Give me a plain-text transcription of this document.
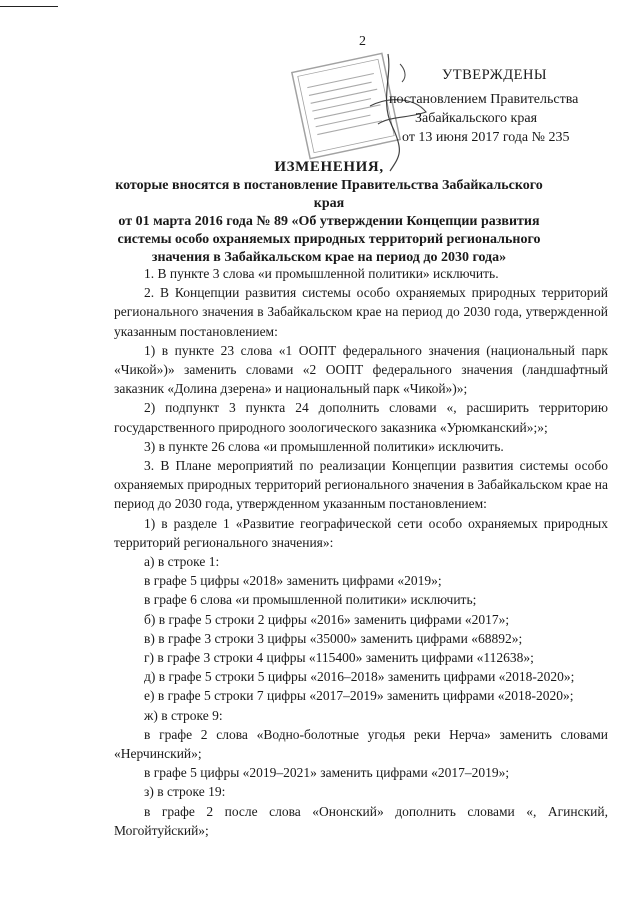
2
УТВЕРЖДЕНЫ
постановлением Правительства
Забайкальского края
от 13 июня 2017 года № 235
ИЗМЕНЕНИЯ,
которые вносятся в постановление Правительства Забайкальского края
от 01 марта 2016 года № 89 «Об утверждении Концепции развития
системы особо охраняемых природных территорий регионального
значения в Забайкальском крае на период до 2030 года»

1. В пункте 3 слова «и промышленной политики» исключить.

2. В Концепции развития системы особо охраняемых природных территорий регионального значения в Забайкальском крае на период до 2030 года, утвержденной указанным постановлением:

1) в пункте 23 слова «1 ООПТ федерального значения (национальный парк «Чикой»)» заменить словами «2 ООПТ федерального значения (ландшафтный заказник «Долина дзерена» и национальный парк «Чикой»)»;

2) подпункт 3 пункта 24 дополнить словами «, расширить территорию государственного природного зоологического заказника «Урюмканский»;»;

3) в пункте 26 слова «и промышленной политики» исключить.

3. В Плане мероприятий по реализации Концепции развития системы особо охраняемых природных территорий регионального значения в Забайкальском крае на период до 2030 года, утвержденном указанным постановлением:

1) в разделе 1 «Развитие географической сети особо охраняемых природных территорий регионального значения»:

а) в строке 1:

в графе 5 цифры «2018» заменить цифрами «2019»;

в графе 6 слова «и промышленной политики» исключить;

б) в графе 5 строки 2 цифры «2016» заменить цифрами «2017»;

в) в графе 3 строки 3 цифры «35000» заменить цифрами «68892»;

г) в графе 3 строки 4 цифры «115400» заменить цифрами «112638»;

д) в графе 5 строки 5 цифры «2016–2018» заменить цифрами «2018-2020»;

е) в графе 5 строки 7 цифры «2017–2019» заменить цифрами «2018-2020»;

ж) в строке 9:

в графе 2 слова «Водно-болотные угодья реки Нерча» заменить словами «Нерчинский»;

в графе 5 цифры «2019–2021» заменить цифрами «2017–2019»;

з) в строке 19:

в графе 2 после слова «Ононский» дополнить словами «, Агинский, Могойтуйский»;
